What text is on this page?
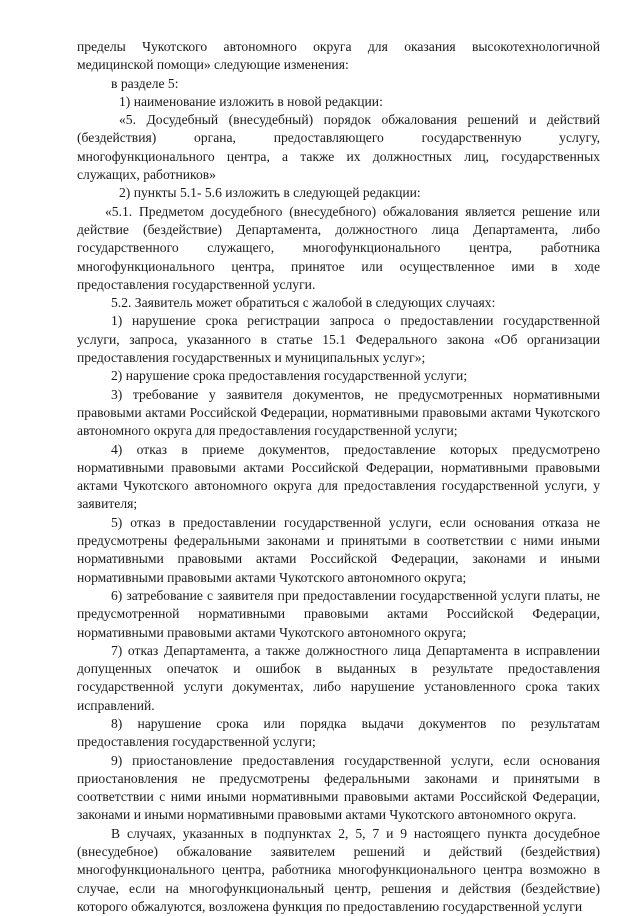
пределы Чукотского автономного округа для оказания высокотехнологичной медицинской помощи» следующие изменения:

в разделе 5:

1) наименование изложить в новой редакции:

«5. Досудебный (внесудебный) порядок обжалования решений и действий (бездействия) органа, предоставляющего государственную услугу, многофункционального центра, а также их должностных лиц, государственных служащих, работников»

2) пункты 5.1- 5.6 изложить в следующей редакции:

«5.1. Предметом досудебного (внесудебного) обжалования является решение или действие (бездействие) Департамента, должностного лица Департамента, либо государственного служащего, многофункционального центра, работника многофункционального центра, принятое или осуществленное ими в ходе предоставления государственной услуги.

5.2. Заявитель может обратиться с жалобой в следующих случаях:

1) нарушение срока регистрации запроса о предоставлении государственной услуги, запроса, указанного в статье 15.1 Федерального закона «Об организации предоставления государственных и муниципальных услуг»;

2) нарушение срока предоставления государственной услуги;

3) требование у заявителя документов, не предусмотренных нормативными правовыми актами Российской Федерации, нормативными правовыми актами Чукотского автономного округа для предоставления государственной услуги;

4) отказ в приеме документов, предоставление которых предусмотрено нормативными правовыми актами Российской Федерации, нормативными правовыми актами Чукотского автономного округа для предоставления государственной услуги, у заявителя;

5) отказ в предоставлении государственной услуги, если основания отказа не предусмотрены федеральными законами и принятыми в соответствии с ними иными нормативными правовыми актами Российской Федерации, законами и иными нормативными правовыми актами Чукотского автономного округа;

6) затребование с заявителя при предоставлении государственной услуги платы, не предусмотренной нормативными правовыми актами Российской Федерации, нормативными правовыми актами Чукотского автономного округа;

7) отказ Департамента, а также должностного лица Департамента в исправлении допущенных опечаток и ошибок в выданных в результате предоставления государственной услуги документах, либо нарушение установленного срока таких исправлений.

8) нарушение срока или порядка выдачи документов по результатам предоставления государственной услуги;

9) приостановление предоставления государственной услуги, если основания приостановления не предусмотрены федеральными законами и принятыми в соответствии с ними иными нормативными правовыми актами Российской Федерации, законами и иными нормативными правовыми актами Чукотского автономного округа.

В случаях, указанных в подпунктах 2, 5, 7 и 9 настоящего пункта досудебное (внесудебное) обжалование заявителем решений и действий (бездействия) многофункционального центра, работника многофункционального центра возможно в случае, если на многофункциональный центр, решения и действия (бездействие) которого обжалуются, возложена функция по предоставлению государственной услуги
